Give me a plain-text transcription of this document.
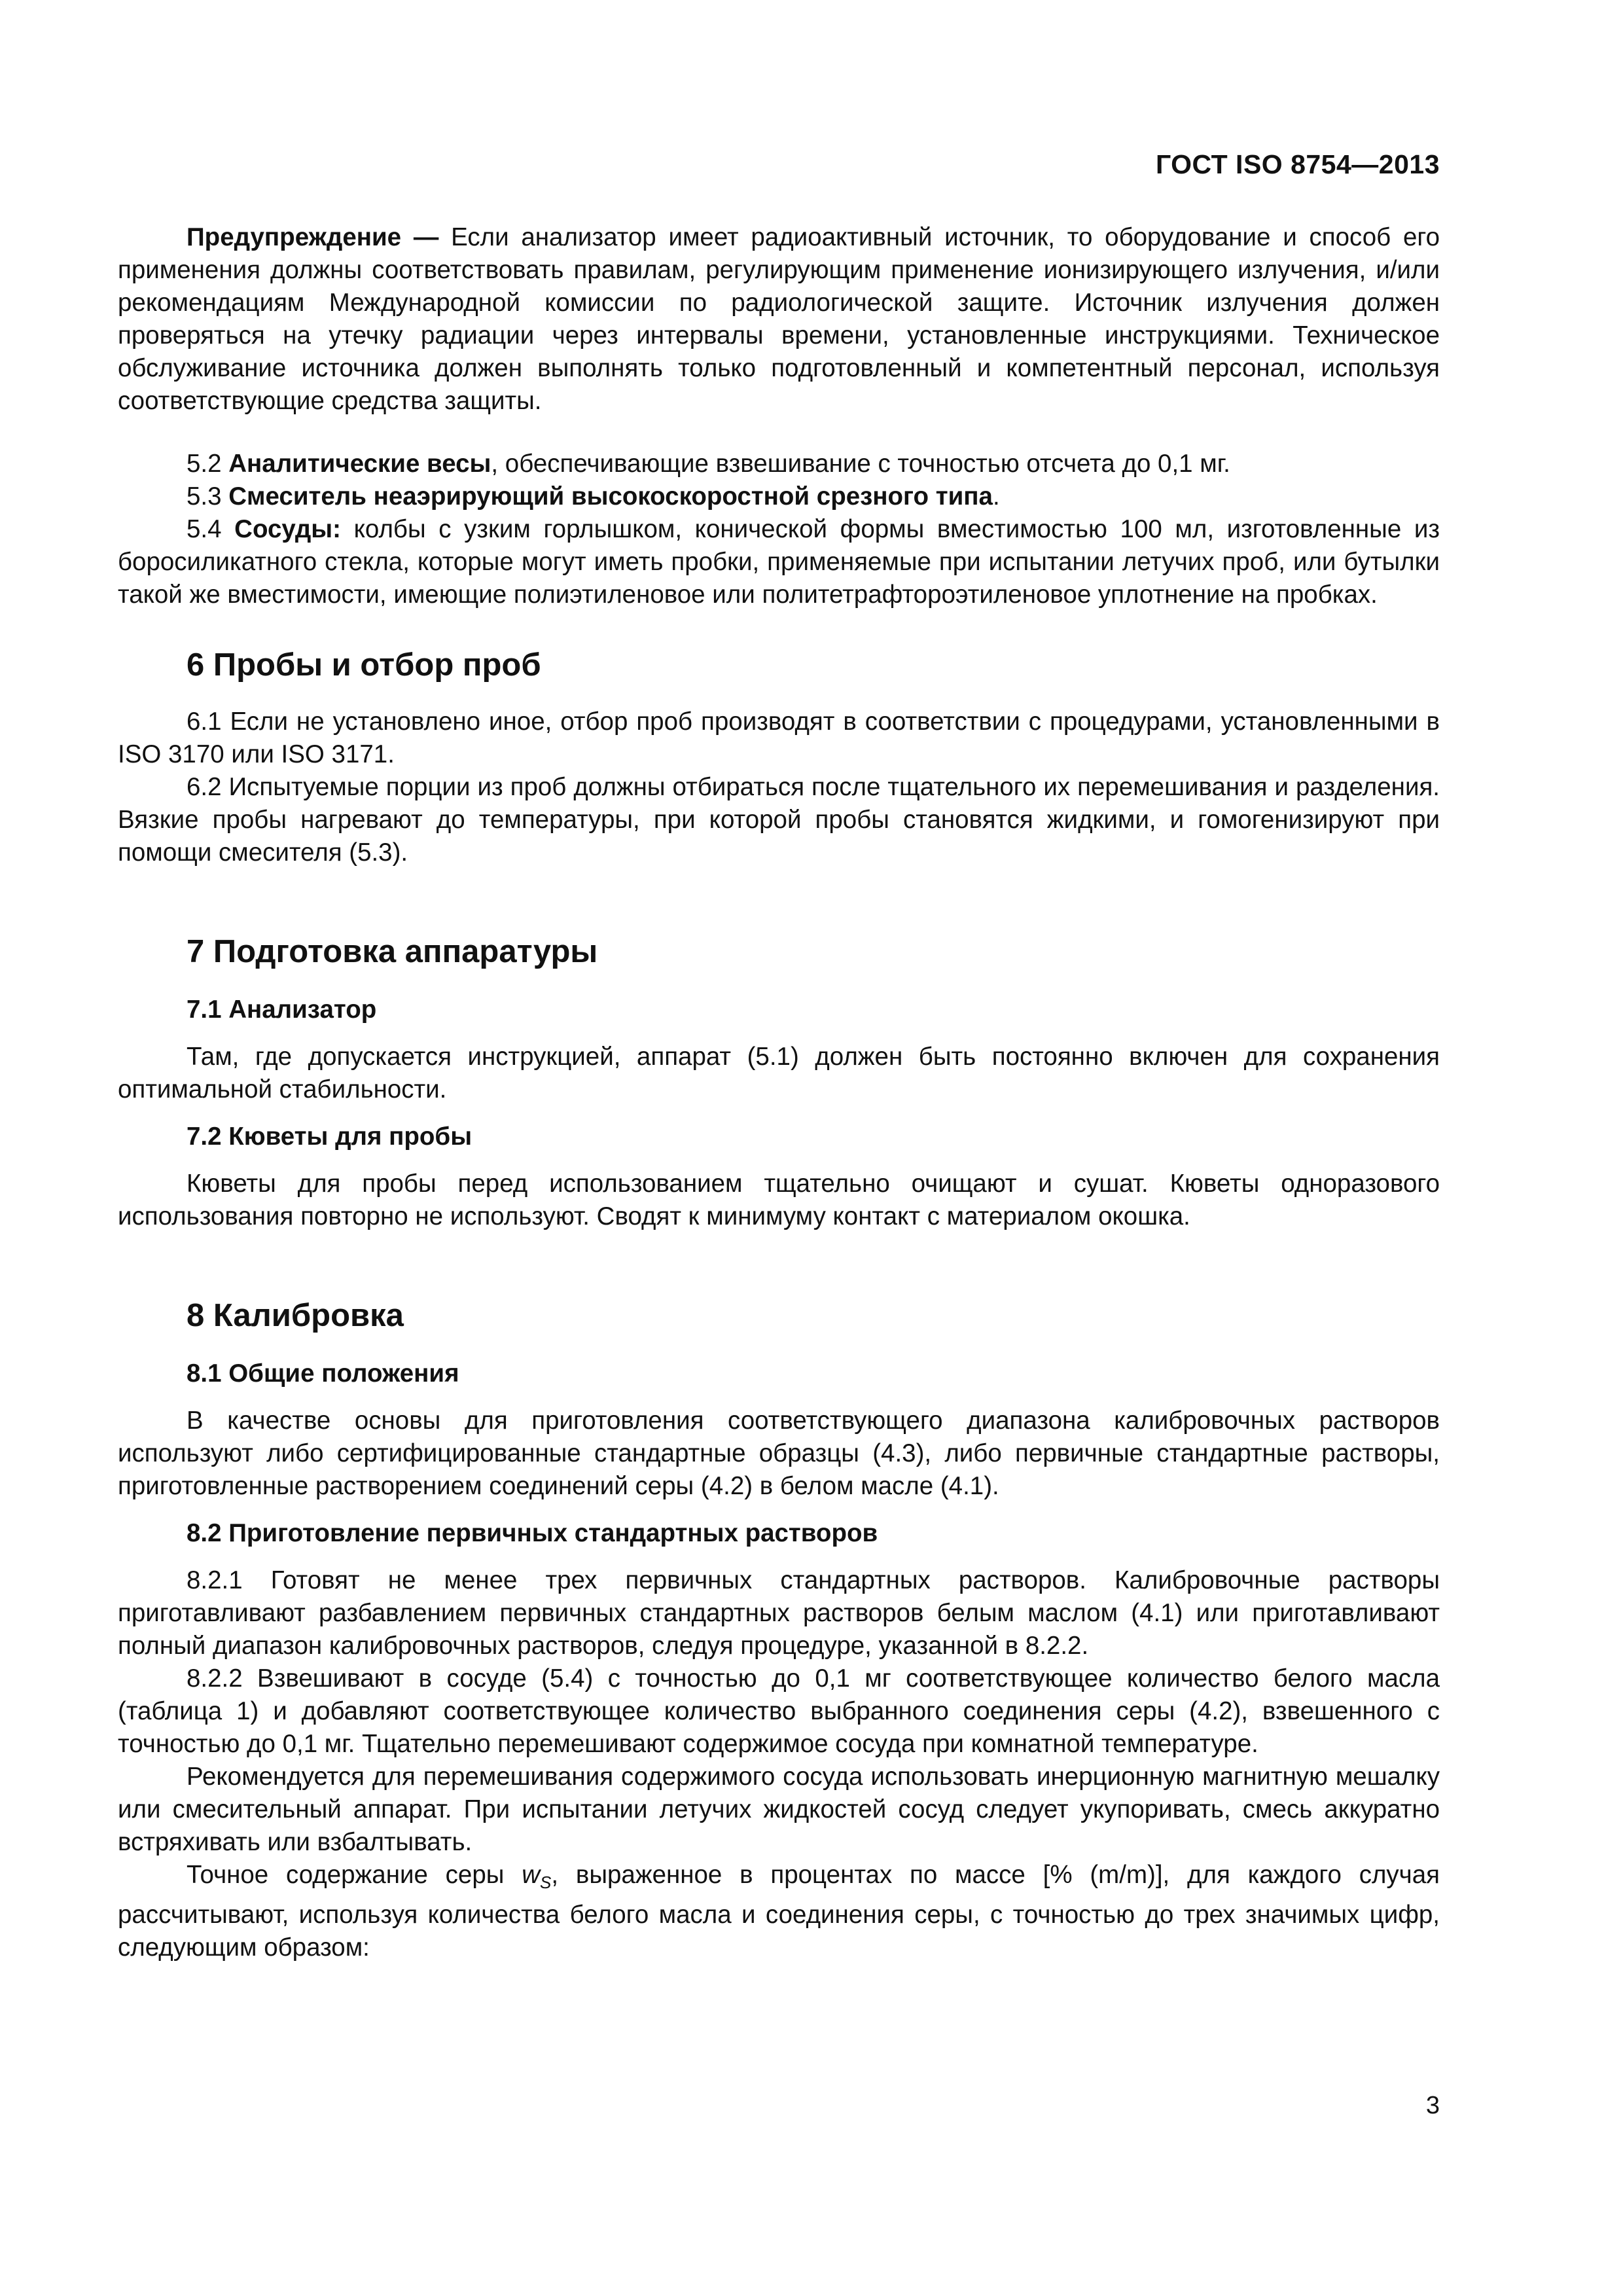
ГОСТ ISO 8754—2013

Предупреждение — Если анализатор имеет радиоактивный источник, то оборудование и способ его применения должны соответствовать правилам, регулирующим применение ионизирующего излучения, и/или рекомендациям Международной комиссии по радиологической защите. Источник излучения должен проверяться на утечку радиации через интервалы времени, установленные инструкциями. Техническое обслуживание источника должен выполнять только подготовленный и компетентный персонал, используя соответствующие средства защиты.

5.2 Аналитические весы, обеспечивающие взвешивание с точностью отсчета до 0,1 мг.

5.3 Смеситель неаэрирующий высокоскоростной срезного типа.

5.4 Сосуды: колбы с узким горлышком, конической формы вместимостью 100 мл, изготовленные из боросиликатного стекла, которые могут иметь пробки, применяемые при испытании летучих проб, или бутылки такой же вместимости, имеющие полиэтиленовое или политетрафтороэтиленовое уплотнение на пробках.

6 Пробы и отбор проб

6.1 Если не установлено иное, отбор проб производят в соответствии с процедурами, установленными в ISO 3170 или ISO 3171.

6.2 Испытуемые порции из проб должны отбираться после тщательного их перемешивания и разделения. Вязкие пробы нагревают до температуры, при которой пробы становятся жидкими, и гомогенизируют при помощи смесителя (5.3).

7 Подготовка аппаратуры
7.1 Анализатор

Там, где допускается инструкцией, аппарат (5.1) должен быть постоянно включен для сохранения оптимальной стабильности.

7.2 Кюветы для пробы

Кюветы для пробы перед использованием тщательно очищают и сушат. Кюветы одноразового использования повторно не используют. Сводят к минимуму контакт с материалом окошка.

8 Калибровка
8.1 Общие положения

В качестве основы для приготовления соответствующего диапазона калибровочных растворов используют либо сертифицированные стандартные образцы (4.3), либо первичные стандартные растворы, приготовленные растворением соединений серы (4.2) в белом масле (4.1).

8.2 Приготовление первичных стандартных растворов

8.2.1 Готовят не менее трех первичных стандартных растворов. Калибровочные растворы приготавливают разбавлением первичных стандартных растворов белым маслом (4.1) или приготавливают полный диапазон калибровочных растворов, следуя процедуре, указанной в 8.2.2.

8.2.2 Взвешивают в сосуде (5.4) с точностью до 0,1 мг соответствующее количество белого масла (таблица 1) и добавляют соответствующее количество выбранного соединения серы (4.2), взвешенного с точностью до 0,1 мг. Тщательно перемешивают содержимое сосуда при комнатной температуре.

Рекомендуется для перемешивания содержимого сосуда использовать инерционную магнитную мешалку или смесительный аппарат. При испытании летучих жидкостей сосуд следует укупоривать, смесь аккуратно встряхивать или взбалтывать.

Точное содержание серы $w_S$, выраженное в процентах по массе [% (m/m)], для каждого случая рассчитывают, используя количества белого масла и соединения серы, с точностью до трех значимых цифр, следующим образом:

3
